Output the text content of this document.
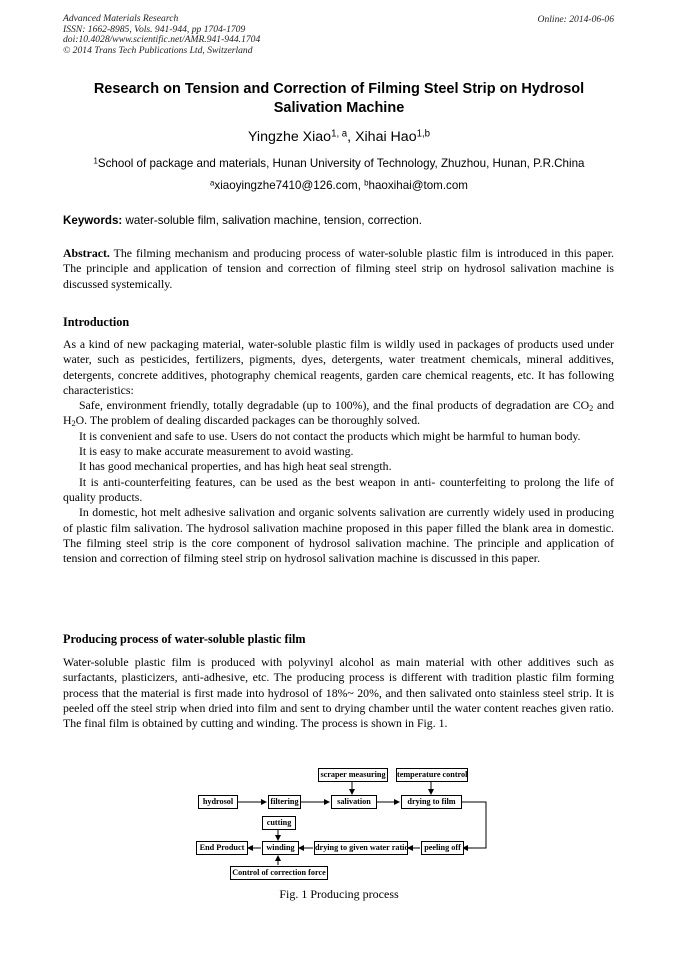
Advanced Materials Research
ISSN: 1662-8985, Vols. 941-944, pp 1704-1709
doi:10.4028/www.scientific.net/AMR.941-944.1704
© 2014 Trans Tech Publications Ltd, Switzerland
Online: 2014-06-06
Research on Tension and Correction of Filming Steel Strip on Hydrosol
Salivation Machine
Yingzhe Xiao$^{1, a}$, Xihai Hao$^{1,b}$
$^1$School of package and materials, Hunan University of Technology, Zhuzhou, Hunan, P.R.China
$^a$xiaoyingzhe7410@126.com, $^b$haoxihai@tom.com
Keywords: water-soluble film, salivation machine, tension, correction.

Abstract. The filming mechanism and producing process of water-soluble plastic film is introduced in this paper. The principle and application of tension and correction of filming steel strip on hydrosol salivation machine is discussed systemically.

Introduction

As a kind of new packaging material, water-soluble plastic film is wildly used in packages of products used under water, such as pesticides, fertilizers, pigments, dyes, detergents, water treatment chemicals, mineral additives, detergents, concrete additives, photography chemical reagents, garden care chemical reagents, etc. It has following characteristics:

Safe, environment friendly, totally degradable (up to 100%), and the final products of degradation are $CO_2$ and $H_2O$. The problem of dealing discarded packages can be thoroughly solved.

It is convenient and safe to use. Users do not contact the products which might be harmful to human body.

It is easy to make accurate measurement to avoid wasting.

It has good mechanical properties, and has high heat seal strength.

It is anti-counterfeiting features, can be used as the best weapon in anti- counterfeiting to prolong the life of quality products.

In domestic, hot melt adhesive salivation and organic solvents salivation are currently widely used in producing of plastic film salivation. The hydrosol salivation machine proposed in this paper filled the blank area in domestic. The filming steel strip is the core component of hydrosol salivation machine. The principle and application of tension and correction of filming steel strip on hydrosol salivation machine is discussed in this paper.

Producing process of water-soluble plastic film

Water-soluble plastic film is produced with polyvinyl alcohol as main material with other additives such as surfactants, plasticizers, anti-adhesive, etc. The producing process is different with tradition plastic film forming process that the material is first made into hydrosol of 18%~ 20%, and then salivated onto stainless steel strip. It is peeled off the steel strip when dried into film and sent to drying chamber until the water content reaches given ratio. The final film is obtained by cutting and winding. The process is shown in Fig. 1.

scraper measuring temperature control
hydrosol	filtering	salivation	drying to film
cutting
End Product	winding	drying to given water ratio	peeling off
Control of correction force
Fig. 1 Producing process
